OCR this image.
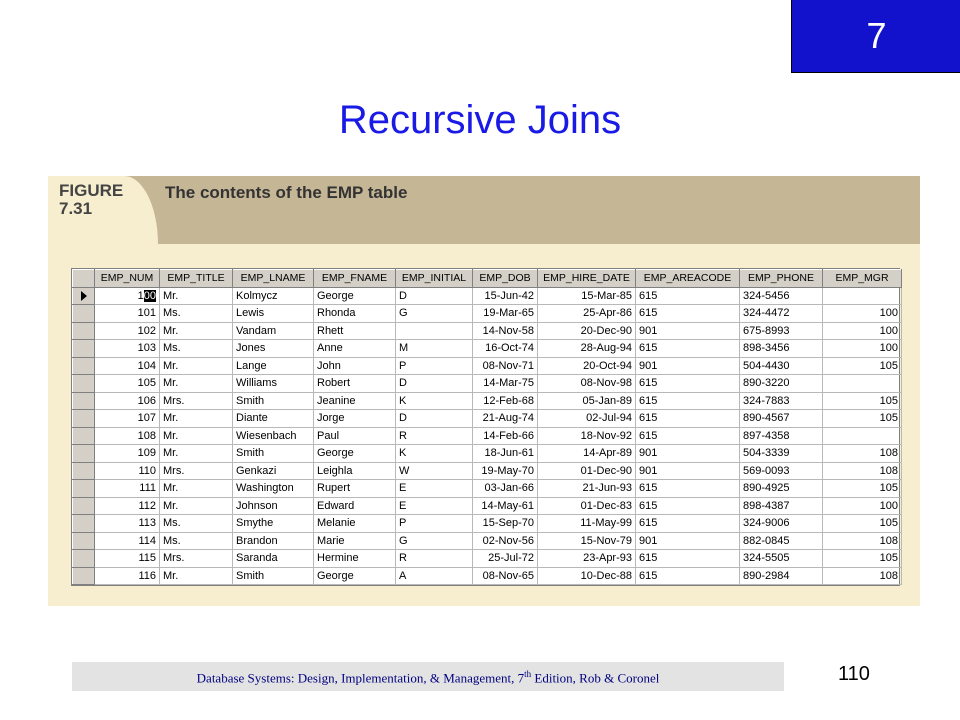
7
Recursive Joins
FIGURE
7.31
The contents of the EMP table
	EMP_NUM	EMP_TITLE	EMP_LNAME	EMP_FNAME	EMP_INITIAL	EMP_DOB	EMP_HIRE_DATE	EMP_AREACODE	EMP_PHONE	EMP_MGR
	100	Mr.	Kolmycz	George	D	15-Jun-42	15-Mar-85	615	324-5456	
	101	Ms.	Lewis	Rhonda	G	19-Mar-65	25-Apr-86	615	324-4472	100
	102	Mr.	Vandam	Rhett		14-Nov-58	20-Dec-90	901	675-8993	100
	103	Ms.	Jones	Anne	M	16-Oct-74	28-Aug-94	615	898-3456	100
	104	Mr.	Lange	John	P	08-Nov-71	20-Oct-94	901	504-4430	105
	105	Mr.	Williams	Robert	D	14-Mar-75	08-Nov-98	615	890-3220	
	106	Mrs.	Smith	Jeanine	K	12-Feb-68	05-Jan-89	615	324-7883	105
	107	Mr.	Diante	Jorge	D	21-Aug-74	02-Jul-94	615	890-4567	105
	108	Mr.	Wiesenbach	Paul	R	14-Feb-66	18-Nov-92	615	897-4358	
	109	Mr.	Smith	George	K	18-Jun-61	14-Apr-89	901	504-3339	108
	110	Mrs.	Genkazi	Leighla	W	19-May-70	01-Dec-90	901	569-0093	108
	111	Mr.	Washington	Rupert	E	03-Jan-66	21-Jun-93	615	890-4925	105
	112	Mr.	Johnson	Edward	E	14-May-61	01-Dec-83	615	898-4387	100
	113	Ms.	Smythe	Melanie	P	15-Sep-70	11-May-99	615	324-9006	105
	114	Ms.	Brandon	Marie	G	02-Nov-56	15-Nov-79	901	882-0845	108
	115	Mrs.	Saranda	Hermine	R	25-Jul-72	23-Apr-93	615	324-5505	105
	116	Mr.	Smith	George	A	08-Nov-65	10-Dec-88	615	890-2984	108
Database Systems: Design, Implementation, & Management, 7th Edition, Rob & Coronel	110
